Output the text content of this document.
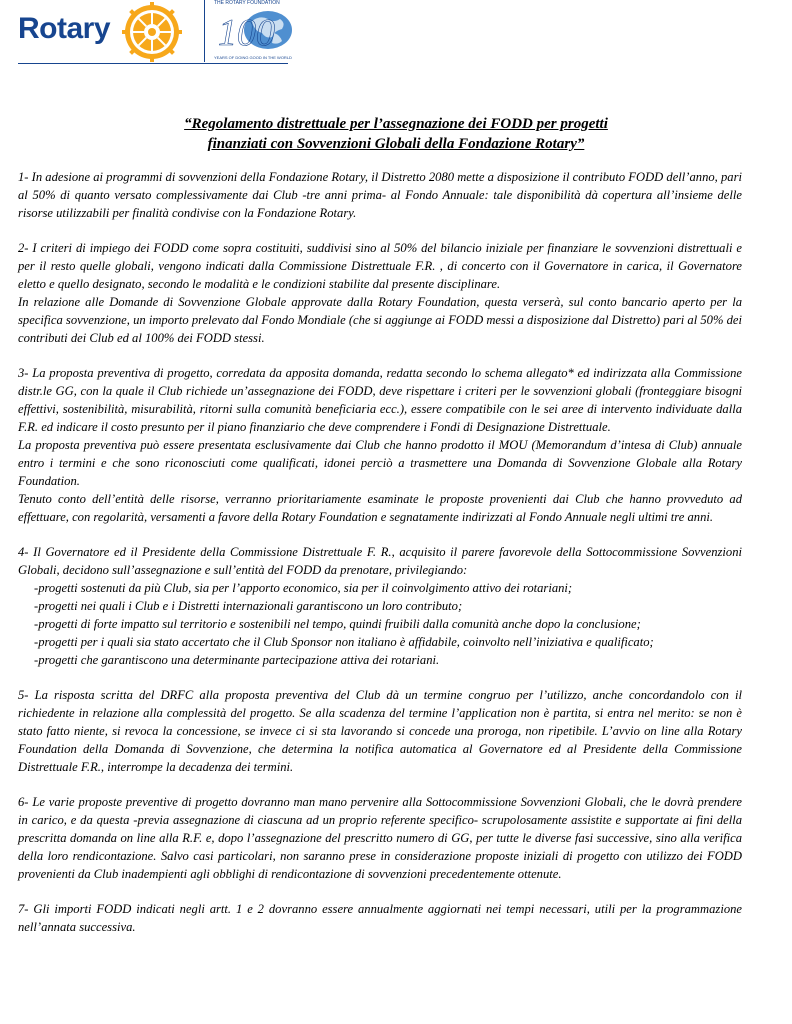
Rotary
THE ROTARY FOUNDATION
100
YEARS OF DOING GOOD IN THE WORLD
“Regolamento distrettuale per l’assegnazione dei FODD per progetti
finanziati con Sovvenzioni Globali della Fondazione Rotary”

1- In adesione ai programmi di sovvenzioni della Fondazione Rotary, il Distretto 2080 mette a disposizione il contributo FODD dell’anno, pari al 50% di quanto versato complessivamente dai Club -tre anni prima- al Fondo Annuale: tale disponibilità dà copertura all’insieme delle risorse utilizzabili per finalità condivise con la Fondazione Rotary.

2- I criteri di impiego dei FODD come sopra costituiti, suddivisi sino al 50% del bilancio iniziale per finanziare le sovvenzioni distrettuali e per il resto quelle globali, vengono indicati dalla Commissione Distrettuale F.R. , di concerto con il Governatore in carica, il Governatore eletto e quello designato, secondo le modalità e le condizioni stabilite dal presente disciplinare.

In relazione alle Domande di Sovvenzione Globale approvate dalla Rotary Foundation, questa verserà, sul conto bancario aperto per la specifica sovvenzione, un importo prelevato dal Fondo Mondiale (che si aggiunge ai FODD messi a disposizione dal Distretto) pari al 50% dei contributi dei Club ed al 100% dei FODD stessi.

3- La proposta preventiva di progetto, corredata da apposita domanda, redatta secondo lo schema allegato* ed indirizzata alla Commissione distr.le GG, con la quale il Club richiede un’assegnazione dei FODD, deve rispettare i criteri per le sovvenzioni globali (fronteggiare bisogni effettivi, sostenibilità, misurabilità, ritorni sulla comunità beneficiaria ecc.), essere compatibile con le sei aree di intervento individuate dalla F.R. ed indicare il costo presunto per il piano finanziario che deve comprendere i Fondi di Designazione Distrettuale.

La proposta preventiva può essere presentata esclusivamente dai Club che hanno prodotto il MOU (Memorandum d’intesa di Club) annuale entro i termini e che sono riconosciuti come qualificati, idonei perciò a trasmettere una Domanda di Sovvenzione Globale alla Rotary Foundation.

Tenuto conto dell’entità delle risorse, verranno prioritariamente esaminate le proposte provenienti dai Club che hanno provveduto ad effettuare, con regolarità, versamenti a favore della Rotary Foundation e segnatamente indirizzati al Fondo Annuale negli ultimi tre anni.

4- Il Governatore ed il Presidente della Commissione Distrettuale F. R., acquisito il parere favorevole della Sottocommissione Sovvenzioni Globali, decidono sull’assegnazione e sull’entità del FODD da prenotare, privilegiando:

-progetti sostenuti da più Club, sia per l’apporto economico, sia per il coinvolgimento attivo dei rotariani;

-progetti nei quali i Club e i Distretti internazionali garantiscono un loro contributo;

-progetti di forte impatto sul territorio e sostenibili nel tempo, quindi fruibili dalla comunità anche dopo la conclusione;

-progetti per i quali sia stato accertato che il Club Sponsor non italiano è affidabile, coinvolto nell’iniziativa e qualificato;

-progetti che garantiscono una determinante partecipazione attiva dei rotariani.

5- La risposta scritta del DRFC alla proposta preventiva del Club dà un termine congruo per l’utilizzo, anche concordandolo con il richiedente in relazione alla complessità del progetto. Se alla scadenza del termine l’application non è partita, si entra nel merito: se non è stato fatto niente, si revoca la concessione, se invece ci si sta lavorando si concede una proroga, non ripetibile. L’avvio on line alla Rotary Foundation della Domanda di Sovvenzione, che determina la notifica automatica al Governatore ed al Presidente della Commissione Distrettuale F.R., interrompe la decadenza dei termini.

6- Le varie proposte preventive di progetto dovranno man mano pervenire alla Sottocommissione Sovvenzioni Globali, che le dovrà prendere in carico, e da questa -previa assegnazione di ciascuna ad un proprio referente specifico- scrupolosamente assistite e supportate ai fini della prescritta domanda on line alla R.F. e, dopo l’assegnazione del prescritto numero di GG, per tutte le diverse fasi successive, sino alla verifica della loro rendicontazione. Salvo casi particolari, non saranno prese in considerazione proposte iniziali di progetto con utilizzo dei FODD provenienti da Club inadempienti agli obblighi di rendicontazione di sovvenzioni precedentemente ottenute.

7- Gli importi FODD indicati negli artt. 1 e 2 dovranno essere annualmente aggiornati nei tempi necessari, utili per la programmazione nell’annata successiva.
